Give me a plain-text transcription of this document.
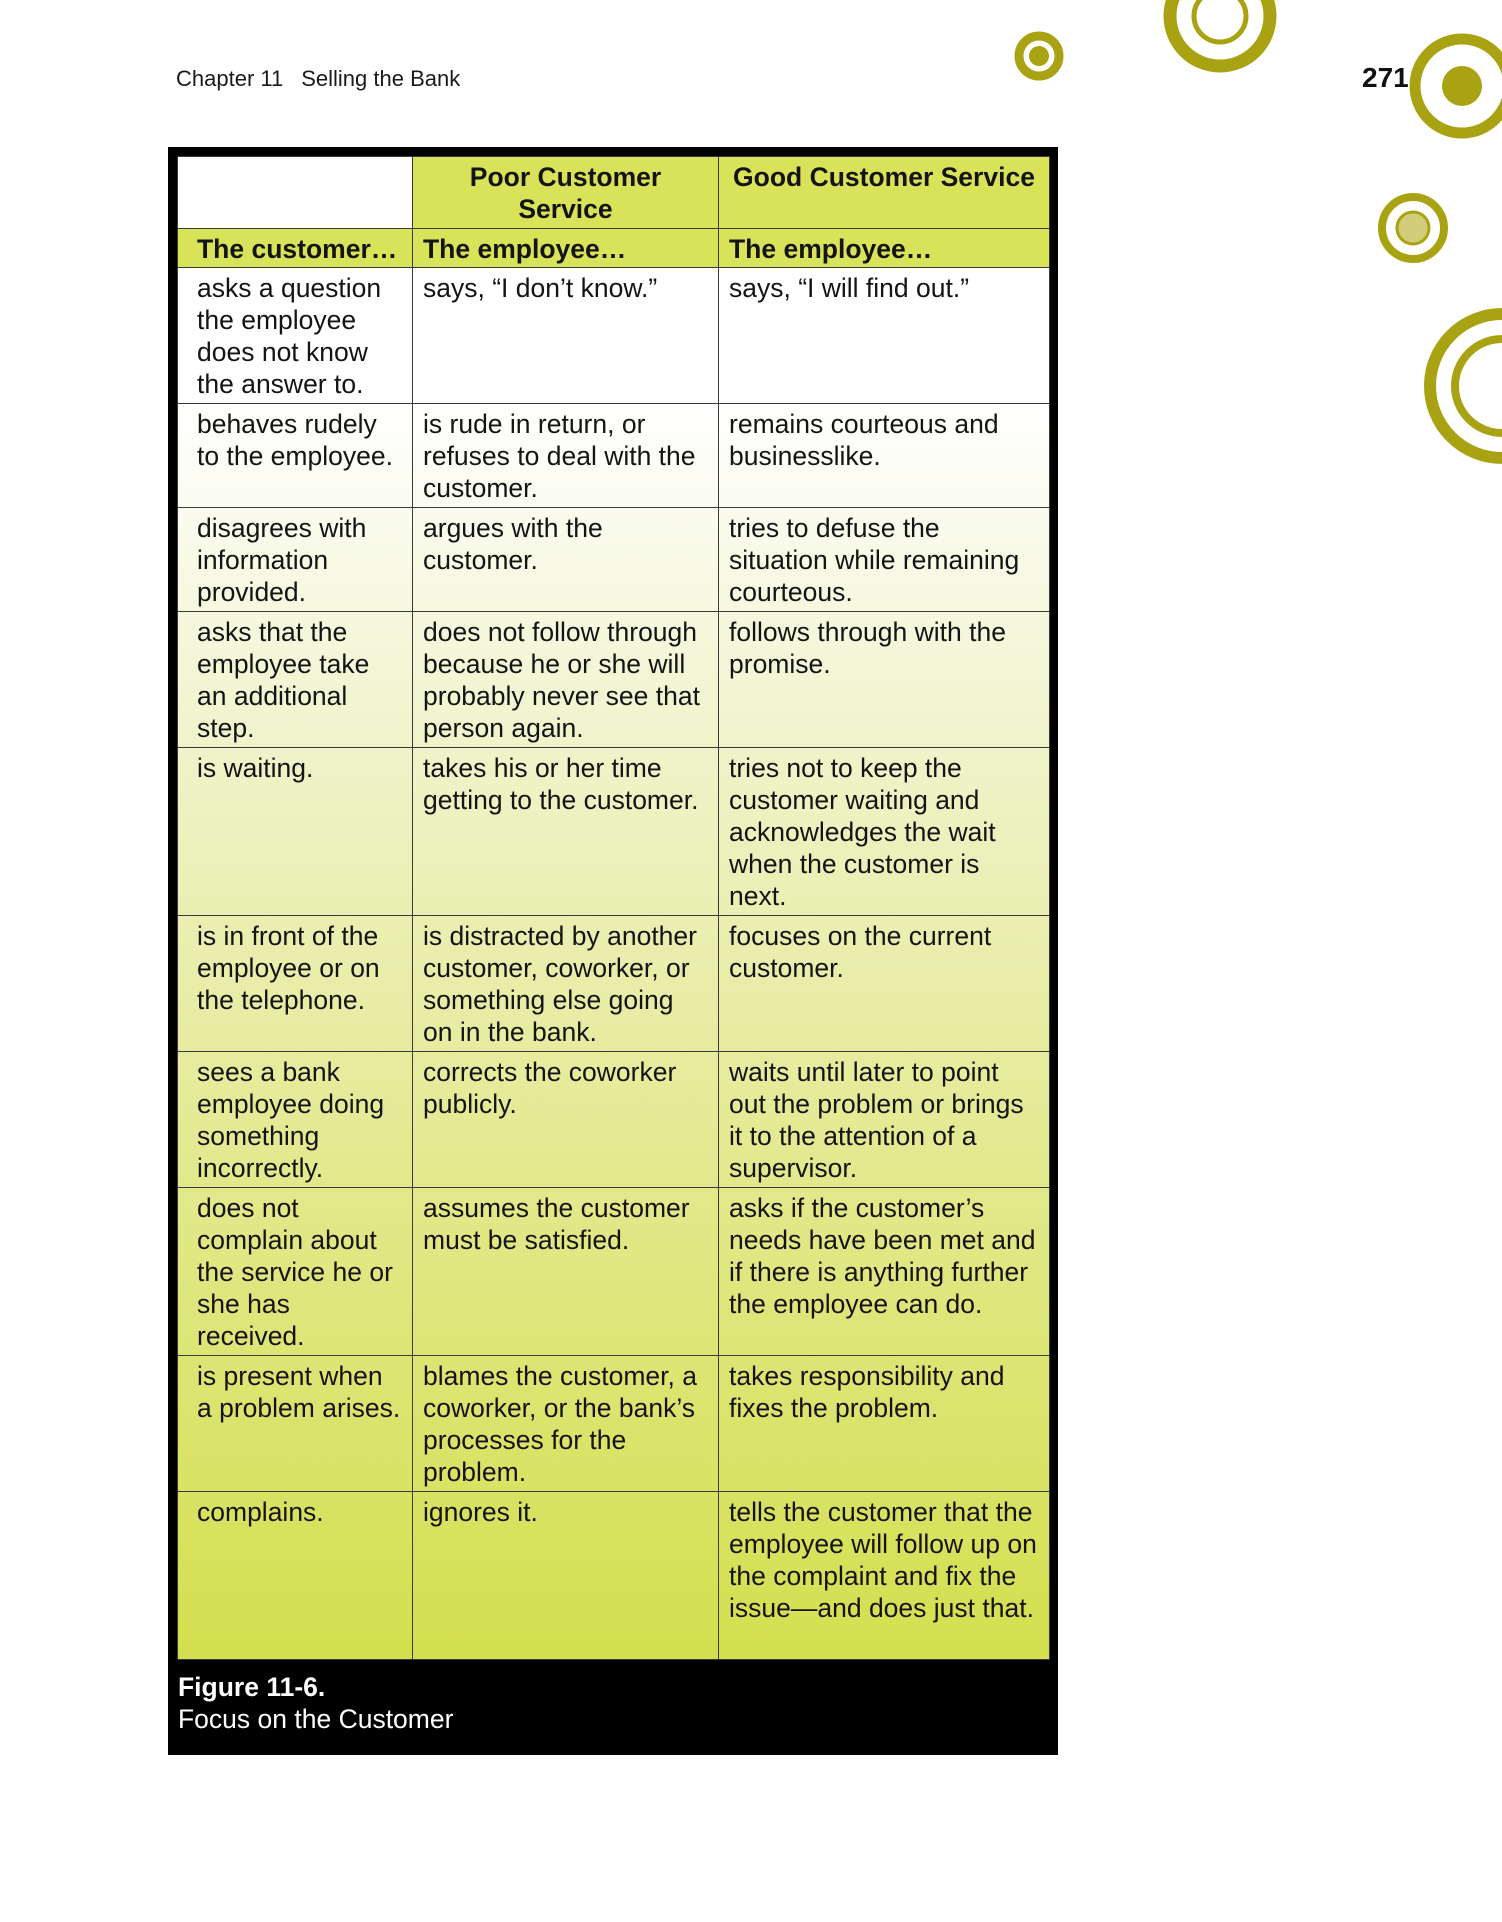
Chapter 11 Selling the Bank	271
	Poor Customer Service	Good Customer Service
The customer…	The employee…	The employee…
asks a question the employee does not know the answer to.	says, “I don’t know.”	says, “I will find out.”
behaves rudely to the employee.	is rude in return, or refuses to deal with the customer.	remains courteous and businesslike.
disagrees with information provided.	argues with the customer.	tries to defuse the situation while remaining courteous.
asks that the employee take an additional step.	does not follow through because he or she will probably never see that person again.	follows through with the promise.
is waiting.	takes his or her time getting to the customer.	tries not to keep the customer waiting and acknowledges the wait when the customer is next.
is in front of the employee or on the telephone.	is distracted by another customer, coworker, or something else going on in the bank.	focuses on the current customer.
sees a bank employee doing something incorrectly.	corrects the coworker publicly.	waits until later to point out the problem or brings it to the attention of a supervisor.
does not complain about the service he or she has received.	assumes the customer must be satisfied.	asks if the customer’s needs have been met and if there is anything further the employee can do.
is present when a problem arises.	blames the customer, a coworker, or the bank’s processes for the problem.	takes responsibility and fixes the problem.
complains.	ignores it.	tells the customer that the employee will follow up on the complaint and fix the issue—and does just that.
Figure 11-6.
Focus on the Customer
